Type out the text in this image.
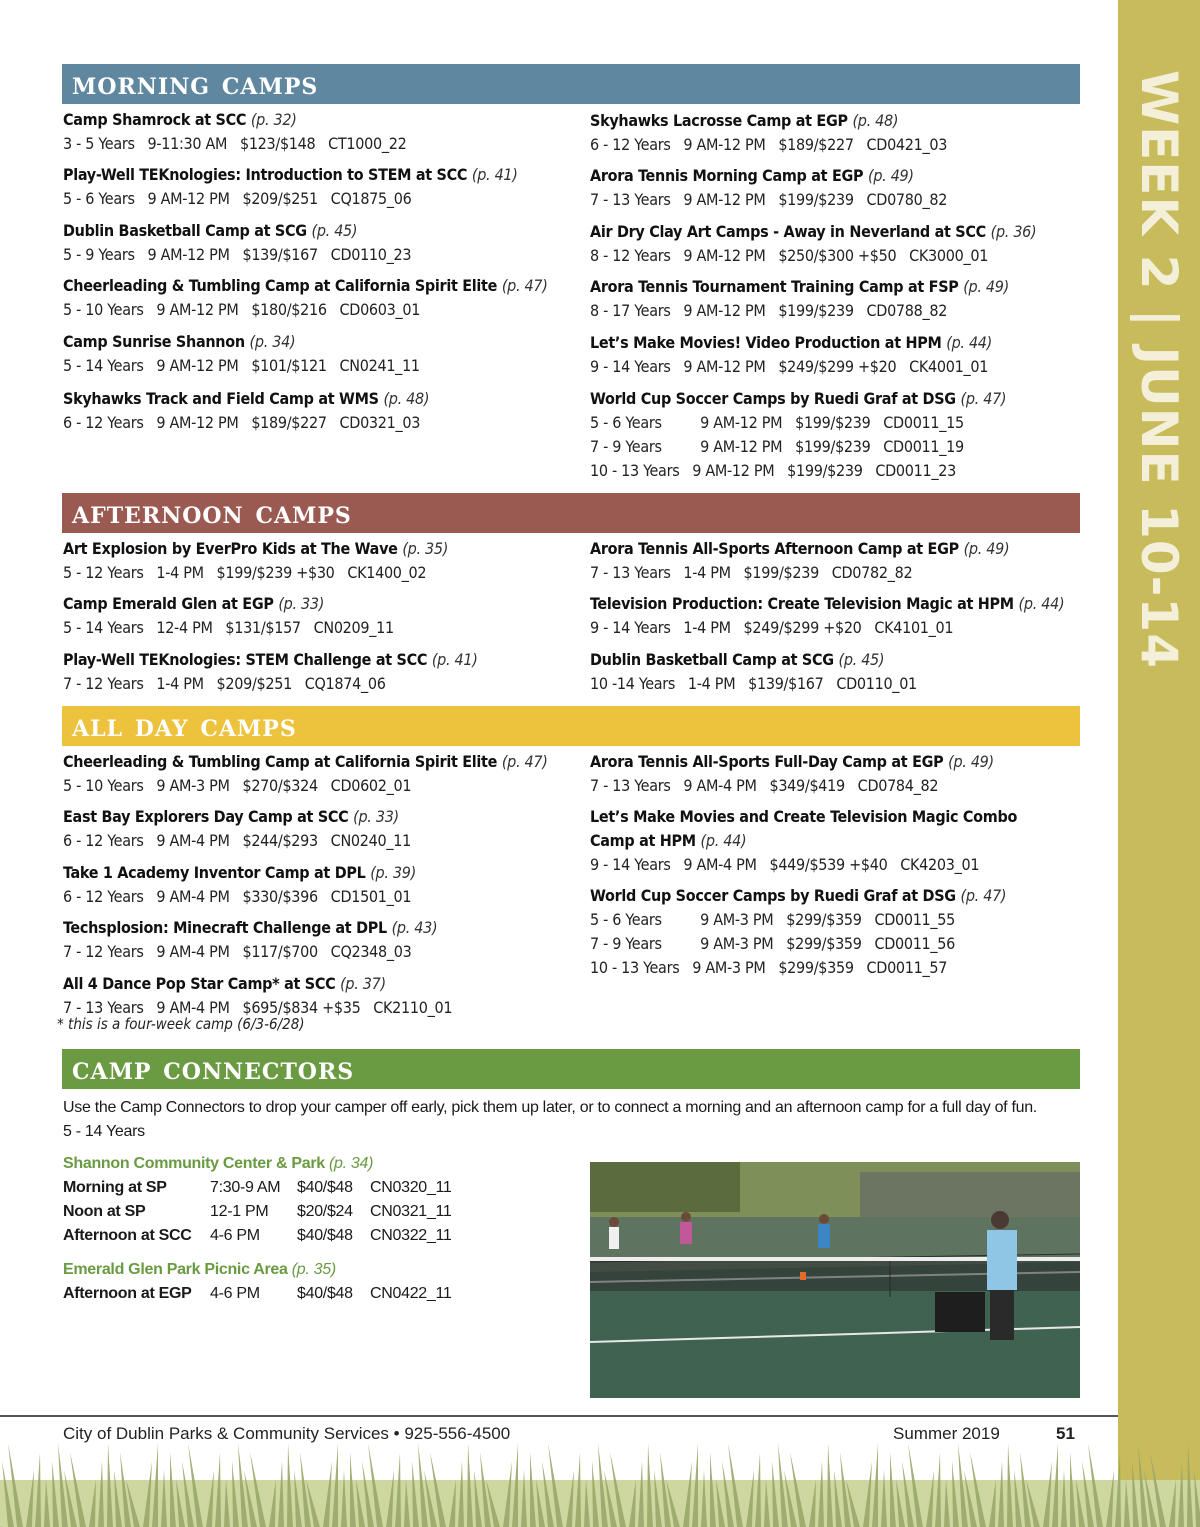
WEEK 2 | JUNE 10-14
morning camps
afternoon camps
all day camps
camp connectors
Camp Shamrock at SCC (p. 32)
3 - 5 Years   9-11:30 AM   $123/$148   CT1000_22
Play-Well TEKnologies: Introduction to STEM at SCC (p. 41)
5 - 6 Years   9 AM-12 PM   $209/$251   CQ1875_06
Dublin Basketball Camp at SCG (p. 45)
5 - 9 Years   9 AM-12 PM   $139/$167   CD0110_23
Cheerleading & Tumbling Camp at California Spirit Elite (p. 47)
5 - 10 Years   9 AM-12 PM   $180/$216   CD0603_01
Camp Sunrise Shannon (p. 34)
5 - 14 Years   9 AM-12 PM   $101/$121   CN0241_11
Skyhawks Track and Field Camp at WMS (p. 48)
6 - 12 Years   9 AM-12 PM   $189/$227   CD0321_03
Skyhawks Lacrosse Camp at EGP (p. 48)
6 - 12 Years   9 AM-12 PM   $189/$227   CD0421_03
Arora Tennis Morning Camp at EGP (p. 49)
7 - 13 Years   9 AM-12 PM   $199/$239   CD0780_82
Air Dry Clay Art Camps - Away in Neverland at SCC (p. 36)
8 - 12 Years   9 AM-12 PM   $250/$300 +$50   CK3000_01
Arora Tennis Tournament Training Camp at FSP (p. 49)
8 - 17 Years   9 AM-12 PM   $199/$239   CD0788_82
Let’s Make Movies! Video Production at HPM (p. 44)
9 - 14 Years   9 AM-12 PM   $249/$299 +$20   CK4001_01
World Cup Soccer Camps by Ruedi Graf at DSG (p. 47)
5 - 6 Years         9 AM-12 PM   $199/$239   CD0011_15
7 - 9 Years         9 AM-12 PM   $199/$239   CD0011_19
10 - 13 Years   9 AM-12 PM   $199/$239   CD0011_23
Art Explosion by EverPro Kids at The Wave (p. 35)
5 - 12 Years   1-4 PM   $199/$239 +$30   CK1400_02
Camp Emerald Glen at EGP (p. 33)
5 - 14 Years   12-4 PM   $131/$157   CN0209_11
Play-Well TEKnologies: STEM Challenge at SCC (p. 41)
7 - 12 Years   1-4 PM   $209/$251   CQ1874_06
Arora Tennis All-Sports Afternoon Camp at EGP (p. 49)
7 - 13 Years   1-4 PM   $199/$239   CD0782_82
Television Production: Create Television Magic at HPM (p. 44)
9 - 14 Years   1-4 PM   $249/$299 +$20   CK4101_01
Dublin Basketball Camp at SCG (p. 45)
10 -14 Years   1-4 PM   $139/$167   CD0110_01
Cheerleading & Tumbling Camp at California Spirit Elite (p. 47)
5 - 10 Years   9 AM-3 PM   $270/$324   CD0602_01
East Bay Explorers Day Camp at SCC (p. 33)
6 - 12 Years   9 AM-4 PM   $244/$293   CN0240_11
Take 1 Academy Inventor Camp at DPL (p. 39)
6 - 12 Years   9 AM-4 PM   $330/$396   CD1501_01
Techsplosion: Minecraft Challenge at DPL (p. 43)
7 - 12 Years   9 AM-4 PM   $117/$700   CQ2348_03
All 4 Dance Pop Star Camp* at SCC (p. 37)
7 - 13 Years   9 AM-4 PM   $695/$834 +$35   CK2110_01
* this is a four-week camp (6/3-6/28)
Arora Tennis All-Sports Full-Day Camp at EGP (p. 49)
7 - 13 Years   9 AM-4 PM   $349/$419   CD0784_82
Let’s Make Movies and Create Television Magic Combo Camp at HPM (p. 44)
9 - 14 Years   9 AM-4 PM   $449/$539 +$40   CK4203_01
World Cup Soccer Camps by Ruedi Graf at DSG (p. 47)
5 - 6 Years         9 AM-3 PM   $299/$359   CD0011_55
7 - 9 Years         9 AM-3 PM   $299/$359   CD0011_56
10 - 13 Years   9 AM-3 PM   $299/$359   CD0011_57
Use the Camp Connectors to drop your camper off early, pick them up later, or to connect a morning and an afternoon camp for a full day of fun.
5 - 14 Years
Shannon Community Center & Park (p. 34)
Morning at SP	7:30-9 AM $40/$48 CN0320_11
Noon at SP	12-1 PM $20/$24 CN0321_11
Afternoon at SCC 4-6 PM $40/$48 CN0322_11
Emerald Glen Park Picnic Area (p. 35)
Afternoon at EGP 4-6 PM $40/$48 CN0422_11
City of Dublin Parks & Community Services • 925-556-4500	Summer 2019	51
